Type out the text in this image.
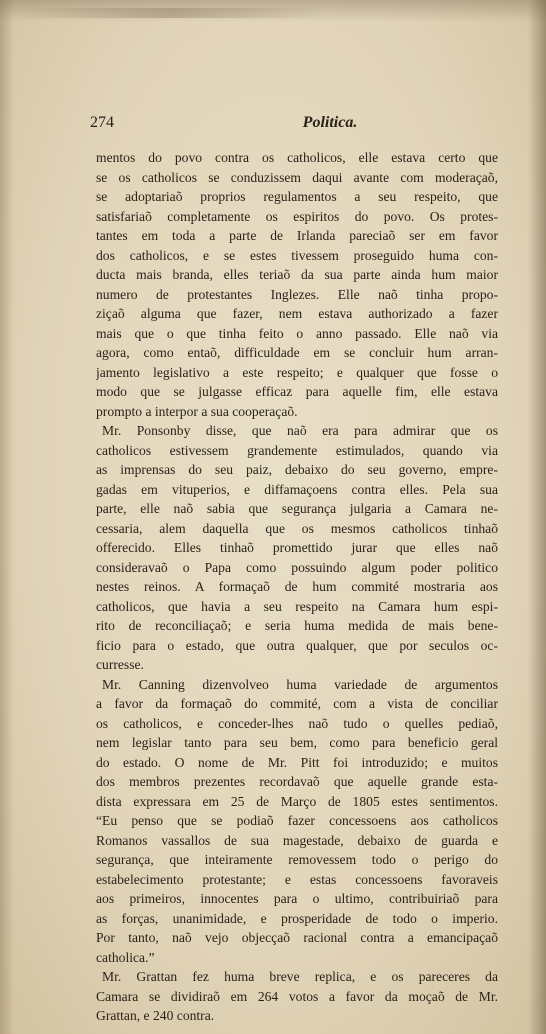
274	Politica.
mentos do povo contra os catholicos, elle estava certo que
se os catholicos se conduzissem daqui avante com moderaçaõ,
se adoptariaõ proprios regulamentos a seu respeito, que
satisfariaõ completamente os espiritos do povo. Os protes-
tantes em toda a parte de Irlanda pareciaõ ser em favor
dos catholicos, e se estes tivessem proseguido huma con-
ducta mais branda, elles teriaõ da sua parte ainda hum maior
numero de protestantes Inglezes. Elle naõ tinha propo-
ziçaõ alguma que fazer, nem estava authorizado a fazer
mais que o que tinha feito o anno passado. Elle naõ via
agora, como entaõ, difficuldade em se concluir hum arran-
jamento legislativo a este respeito; e qualquer que fosse o
modo que se julgasse efficaz para aquelle fim, elle estava
prompto a interpor a sua cooperaçaõ.
Mr. Ponsonby disse, que naõ era para admirar que os
catholicos estivessem grandemente estimulados, quando via
as imprensas do seu paiz, debaixo do seu governo, empre-
gadas em vituperios, e diffamaçoens contra elles. Pela sua
parte, elle naõ sabia que segurança julgaria a Camara ne-
cessaria, alem daquella que os mesmos catholicos tinhaõ
offerecido. Elles tinhaõ promettido jurar que elles naõ
consideravaõ o Papa como possuindo algum poder politico
nestes reinos. A formaçaõ de hum commité mostraria aos
catholicos, que havia a seu respeito na Camara hum espi-
rito de reconciliaçaõ; e seria huma medida de mais bene-
ficio para o estado, que outra qualquer, que por seculos oc-
curresse.
Mr. Canning dizenvolveo huma variedade de argumentos
a favor da formaçaõ do commité, com a vista de conciliar
os catholicos, e conceder-lhes naõ tudo o quelles pediaõ,
nem legislar tanto para seu bem, como para beneficio geral
do estado. O nome de Mr. Pitt foi introduzido; e muitos
dos membros prezentes recordavaõ que aquelle grande esta-
dista expressara em 25 de Março de 1805 estes sentimentos.
“Eu penso que se podiaõ fazer concessoens aos catholicos
Romanos vassallos de sua magestade, debaixo de guarda e
segurança, que inteiramente removessem todo o perigo do
estabelecimento protestante; e estas concessoens favoraveis
aos primeiros, innocentes para o ultimo, contribuiriaõ para
as forças, unanimidade, e prosperidade de todo o imperio.
Por tanto, naõ vejo objecçaõ racional contra a emancipaçaõ
catholica.”
Mr. Grattan fez huma breve replica, e os pareceres da
Camara se dividiraõ em 264 votos a favor da moçaõ de Mr.
Grattan, e 240 contra.
